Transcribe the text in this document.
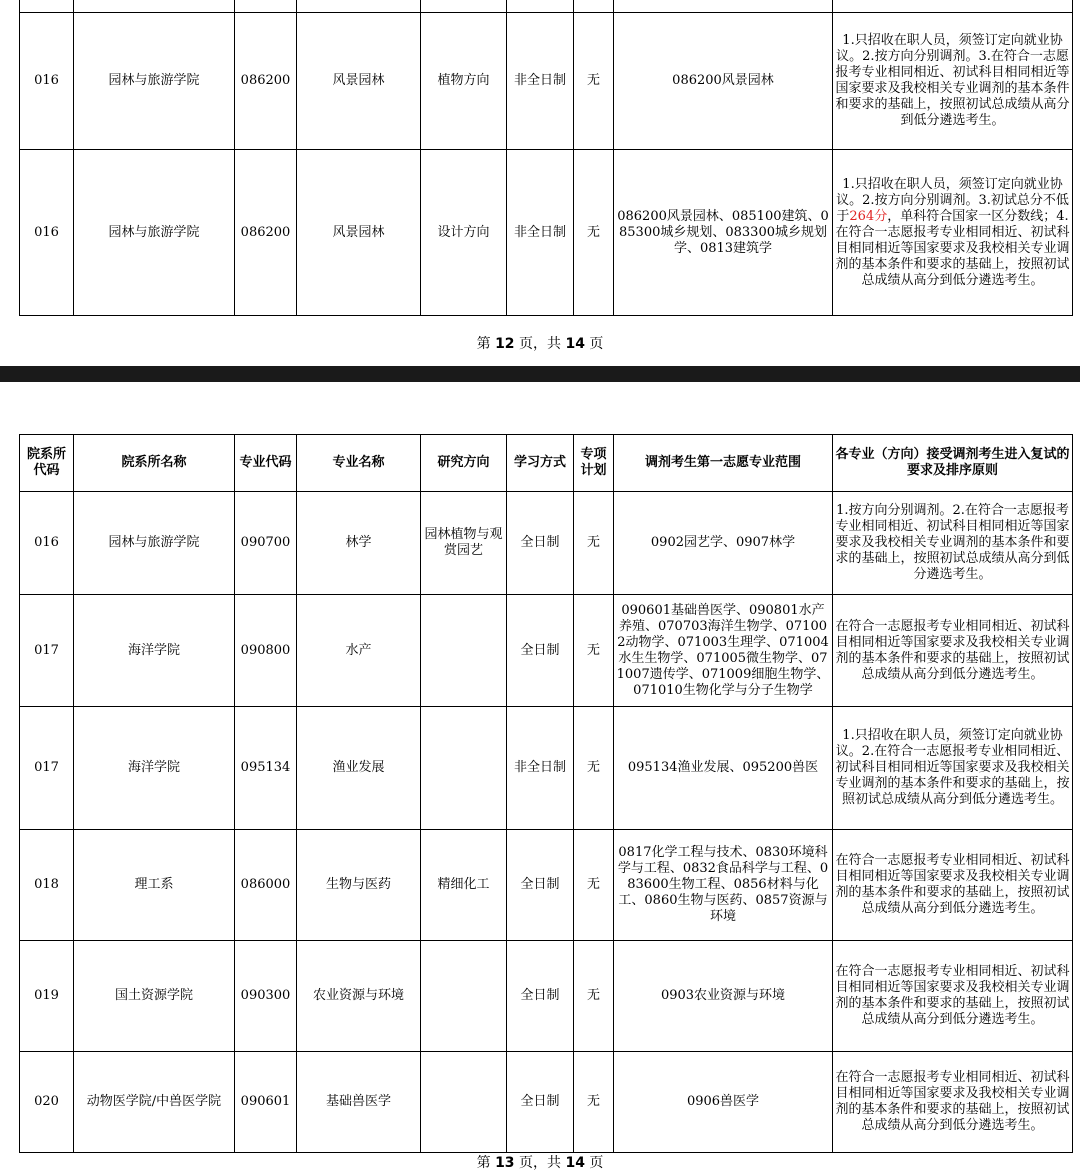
016	园林与旅游学院	086200	风景园林	植物方向	非全日制	无	086200风景园林	1.只招收在职人员，须签订定向就业协议。2.按方向分别调剂。3.在符合一志愿报考专业相同相近、初试科目相同相近等国家要求及我校相关专业调剂的基本条件和要求的基础上，按照初试总成绩从高分到低分遴选考生。
016	园林与旅游学院	086200	风景园林	设计方向	非全日制	无	086200风景园林、085100建筑、085300城乡规划、083300城乡规划学、0813建筑学	1.只招收在职人员，须签订定向就业协议。2.按方向分别调剂。3.初试总分不低于264分，单科符合国家一区分数线；4.在符合一志愿报考专业相同相近、初试科目相同相近等国家要求及我校相关专业调剂的基本条件和要求的基础上，按照初试总成绩从高分到低分遴选考生。
第 12 页，共 14 页
院系所代码	院系所名称	专业代码	专业名称	研究方向	学习方式	专项计划	调剂考生第一志愿专业范围	各专业（方向）接受调剂考生进入复试的要求及排序原则
016	园林与旅游学院	090700	林学	园林植物与观赏园艺	全日制	无	0902园艺学、0907林学	1.按方向分别调剂。2.在符合一志愿报考专业相同相近、初试科目相同相近等国家要求及我校相关专业调剂的基本条件和要求的基础上，按照初试总成绩从高分到低分遴选考生。
017	海洋学院	090800	水产		全日制	无	090601基础兽医学、090801水产养殖、070703海洋生物学、071002动物学、071003生理学、071004水生生物学、071005微生物学、071007遗传学、071009细胞生物学、071010生物化学与分子生物学	在符合一志愿报考专业相同相近、初试科目相同相近等国家要求及我校相关专业调剂的基本条件和要求的基础上，按照初试总成绩从高分到低分遴选考生。
017	海洋学院	095134	渔业发展		非全日制	无	095134渔业发展、095200兽医	1.只招收在职人员，须签订定向就业协议。2.在符合一志愿报考专业相同相近、初试科目相同相近等国家要求及我校相关专业调剂的基本条件和要求的基础上，按照初试总成绩从高分到低分遴选考生。
018	理工系	086000	生物与医药	精细化工	全日制	无	0817化学工程与技术、0830环境科学与工程、0832食品科学与工程、083600生物工程、0856材料与化工、0860生物与医药、0857资源与环境	在符合一志愿报考专业相同相近、初试科目相同相近等国家要求及我校相关专业调剂的基本条件和要求的基础上，按照初试总成绩从高分到低分遴选考生。
019	国土资源学院	090300	农业资源与环境		全日制	无	0903农业资源与环境	在符合一志愿报考专业相同相近、初试科目相同相近等国家要求及我校相关专业调剂的基本条件和要求的基础上，按照初试总成绩从高分到低分遴选考生。
020	动物医学院/中兽医学院	090601	基础兽医学		全日制	无	0906兽医学	在符合一志愿报考专业相同相近、初试科目相同相近等国家要求及我校相关专业调剂的基本条件和要求的基础上，按照初试总成绩从高分到低分遴选考生。
第 13 页，共 14 页
